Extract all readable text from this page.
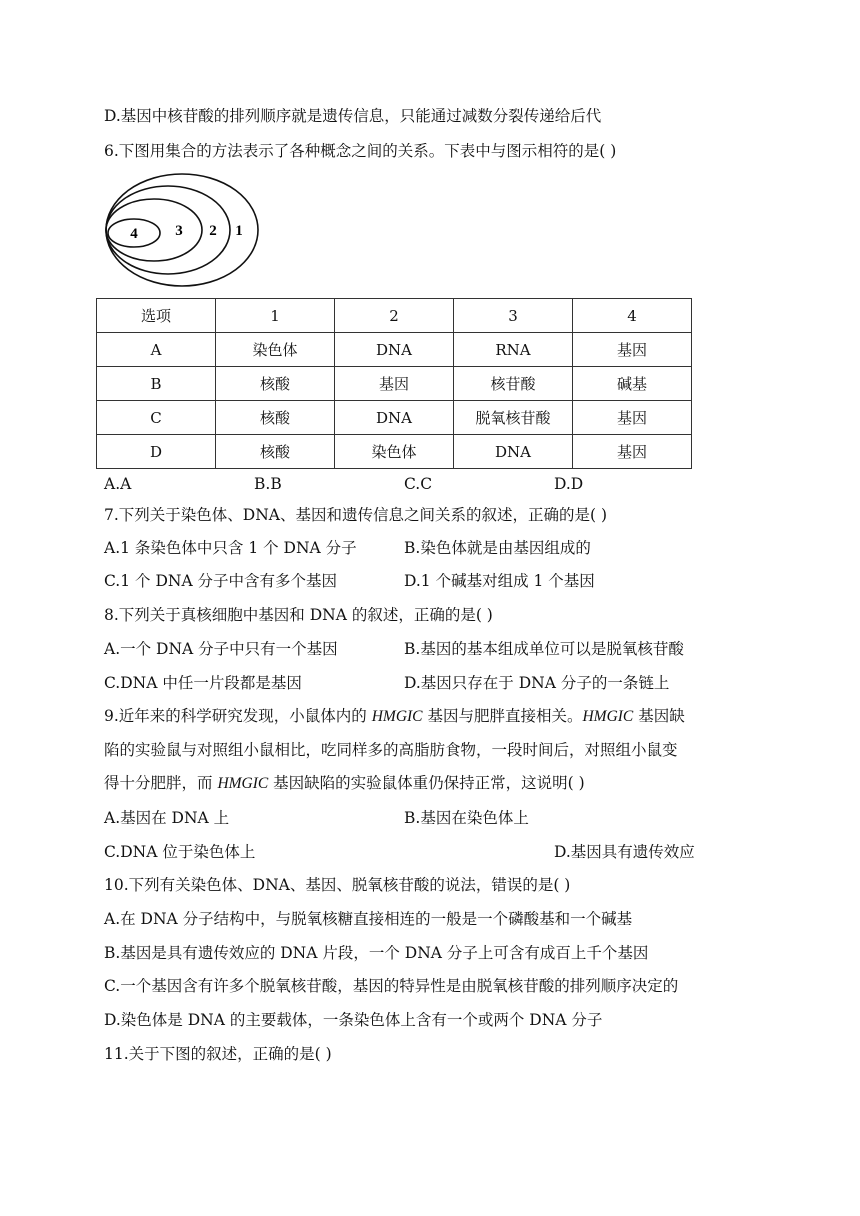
D.基因中核苷酸的排列顺序就是遗传信息，只能通过减数分裂传递给后代
6.下图用集合的方法表示了各种概念之间的关系。下表中与图示相符的是( )
4	3 2 1
选项	1	2	3	4
A	染色体	DNA	RNA	基因
B	核酸	基因	核苷酸	碱基
C	核酸	DNA	脱氧核苷酸	基因
D	核酸	染色体	DNA	基因
A.A	B.B	C.C	D.D
7.下列关于染色体、DNA、基因和遗传信息之间关系的叙述，正确的是( )
A.1 条染色体中只含 1 个 DNA 分子	B.染色体就是由基因组成的
C.1 个 DNA 分子中含有多个基因	D.1 个碱基对组成 1 个基因
8.下列关于真核细胞中基因和 DNA 的叙述，正确的是( )
A.一个 DNA 分子中只有一个基因	B.基因的基本组成单位可以是脱氧核苷酸
C.DNA 中任一片段都是基因	D.基因只存在于 DNA 分子的一条链上
9.近年来的科学研究发现，小鼠体内的 HMGIC 基因与肥胖直接相关。HMGIC 基因缺
陷的实验鼠与对照组小鼠相比，吃同样多的高脂肪食物，一段时间后，对照组小鼠变
得十分肥胖，而 HMGIC 基因缺陷的实验鼠体重仍保持正常，这说明( )
A.基因在 DNA 上	B.基因在染色体上
C.DNA 位于染色体上	D.基因具有遗传效应
10.下列有关染色体、DNA、基因、脱氧核苷酸的说法，错误的是( )
A.在 DNA 分子结构中，与脱氧核糖直接相连的一般是一个磷酸基和一个碱基
B.基因是具有遗传效应的 DNA 片段，一个 DNA 分子上可含有成百上千个基因
C.一个基因含有许多个脱氧核苷酸，基因的特异性是由脱氧核苷酸的排列顺序决定的
D.染色体是 DNA 的主要载体，一条染色体上含有一个或两个 DNA 分子
11.关于下图的叙述，正确的是( )
